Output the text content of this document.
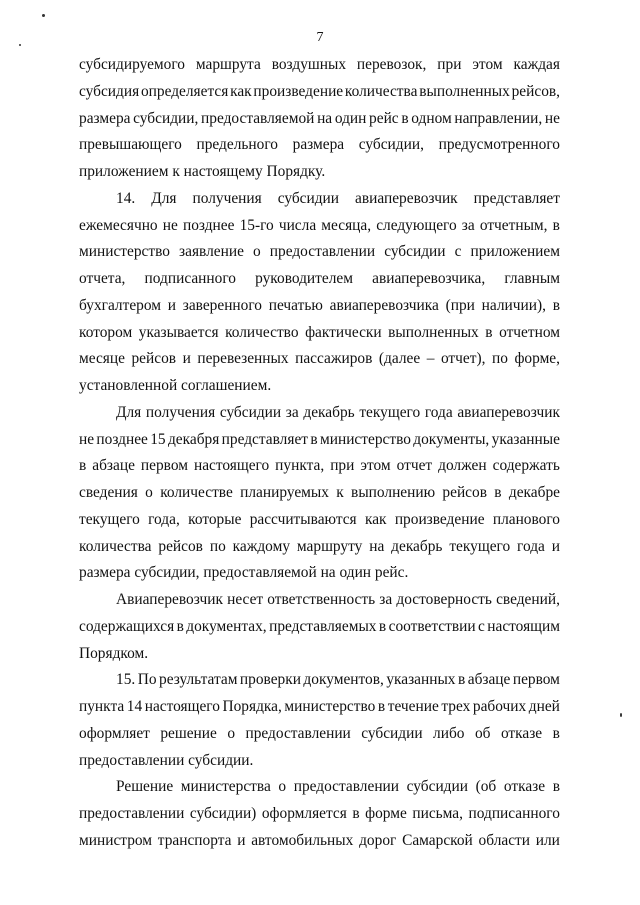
7
субсидируемого маршрута воздушных перевозок, при этом каждая
субсидия определяется как произведение количества выполненных рейсов,
размера субсидии, предоставляемой на один рейс в одном направлении, не
превышающего предельного размера субсидии, предусмотренного
приложением к настоящему Порядку.
14. Для получения субсидии авиаперевозчик представляет
ежемесячно не позднее 15-го числа месяца, следующего за отчетным, в
министерство заявление о предоставлении субсидии с приложением
отчета, подписанного руководителем авиаперевозчика, главным
бухгалтером и заверенного печатью авиаперевозчика (при наличии), в
котором указывается количество фактически выполненных в отчетном
месяце рейсов и перевезенных пассажиров (далее – отчет), по форме,
установленной соглашением.
Для получения субсидии за декабрь текущего года авиаперевозчик
не позднее 15 декабря представляет в министерство документы, указанные
в абзаце первом настоящего пункта, при этом отчет должен содержать
сведения о количестве планируемых к выполнению рейсов в декабре
текущего года, которые рассчитываются как произведение планового
количества рейсов по каждому маршруту на декабрь текущего года и
размера субсидии, предоставляемой на один рейс.
Авиаперевозчик несет ответственность за достоверность сведений,
содержащихся в документах, представляемых в соответствии с настоящим
Порядком.
15. По результатам проверки документов, указанных в абзаце первом
пункта 14 настоящего Порядка, министерство в течение трех рабочих дней
оформляет решение о предоставлении субсидии либо об отказе в
предоставлении субсидии.
Решение министерства о предоставлении субсидии (об отказе в
предоставлении субсидии) оформляется в форме письма, подписанного
министром транспорта и автомобильных дорог Самарской области или
